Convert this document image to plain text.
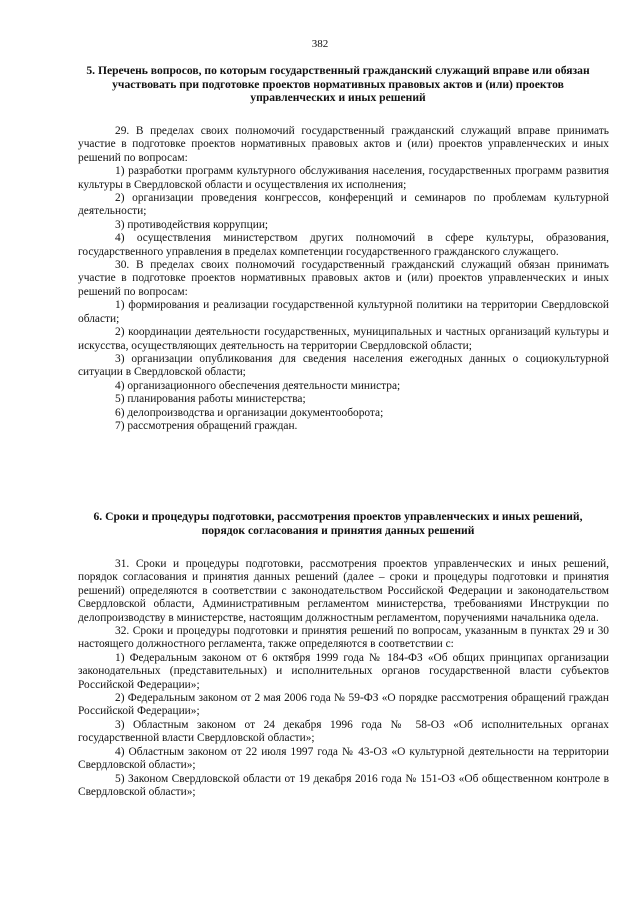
382
5. Перечень вопросов, по которым государственный гражданский служащий вправе или обязан участвовать при подготовке проектов нормативных правовых актов и (или) проектов управленческих и иных решений

29. В пределах своих полномочий государственный гражданский служащий вправе принимать участие в подготовке проектов нормативных правовых актов и (или) проектов управленческих и иных решений по вопросам:

1) разработки программ культурного обслуживания населения, государственных программ развития культуры в Свердловской области и осуществления их исполнения;

2) организации проведения конгрессов, конференций и семинаров по проблемам культурной деятельности;

3) противодействия коррупции;

4) осуществления министерством других полномочий в сфере культуры, образования, государственного управления в пределах компетенции государственного гражданского служащего.

30. В пределах своих полномочий государственный гражданский служащий обязан принимать участие в подготовке проектов нормативных правовых актов и (или) проектов управленческих и иных решений по вопросам:

1) формирования и реализации государственной культурной политики на территории Свердловской области;

2) координации деятельности государственных, муниципальных и частных организаций культуры и искусства, осуществляющих деятельность на территории Свердловской области;

3) организации опубликования для сведения населения ежегодных данных о социокультурной ситуации в Свердловской области;

4) организационного обеспечения деятельности министра;

5) планирования работы министерства;

6) делопроизводства и организации документооборота;

7) рассмотрения обращений граждан.

6. Сроки и процедуры подготовки, рассмотрения проектов управленческих и иных решений, порядок согласования и принятия данных решений

31. Сроки и процедуры подготовки, рассмотрения проектов управленческих и иных решений, порядок согласования и принятия данных решений (далее – сроки и процедуры подготовки и принятия решений) определяются в соответствии с законодательством Российской Федерации и законодательством Свердловской области, Административным регламентом министерства, требованиями Инструкции по делопроизводству в министерстве, настоящим должностным регламентом, поручениями начальника одела.

32. Сроки и процедуры подготовки и принятия решений по вопросам, указанным в пунктах 29 и 30 настоящего должностного регламента, также определяются в соответствии с:

1) Федеральным законом от 6 октября 1999 года № 184-ФЗ «Об общих принципах организации законодательных (представительных) и исполнительных органов государственной власти субъектов Российской Федерации»;

2) Федеральным законом от 2 мая 2006 года № 59-ФЗ «О порядке рассмотрения обращений граждан Российской Федерации»;

3) Областным законом от 24 декабря 1996 года № 58-ОЗ «Об исполнительных органах государственной власти Свердловской области»;

4) Областным законом от 22 июля 1997 года № 43-ОЗ «О культурной деятельности на территории Свердловской области»;

5) Законом Свердловской области от 19 декабря 2016 года № 151-ОЗ «Об общественном контроле в Свердловской области»;
